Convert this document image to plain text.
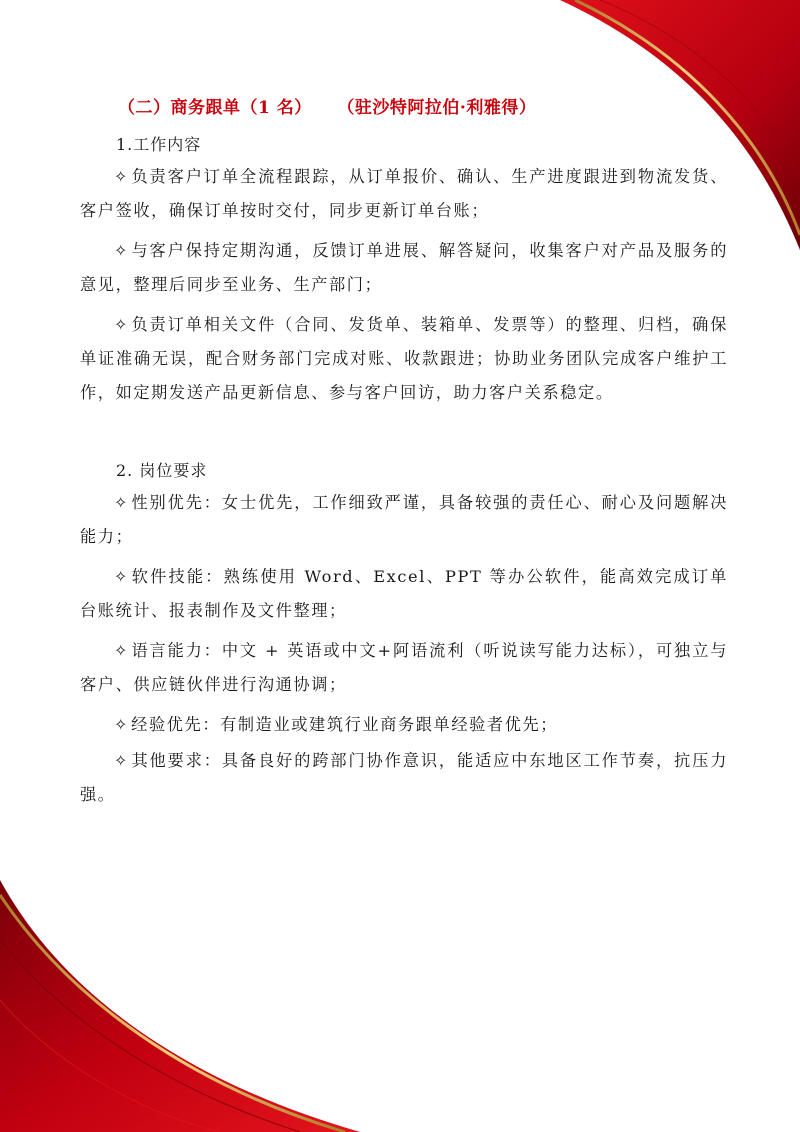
（二）商务跟单（1 名）    （驻沙特阿拉伯·利雅得）
1.工作内容

✧ 负责客户订单全流程跟踪，从订单报价、确认、生产进度跟进到物流发货、客户签收，确保订单按时交付，同步更新订单台账；

✧ 与客户保持定期沟通，反馈订单进展、解答疑问，收集客户对产品及服务的意见，整理后同步至业务、生产部门；

✧ 负责订单相关文件（合同、发货单、装箱单、发票等）的整理、归档，确保单证准确无误，配合财务部门完成对账、收款跟进；协助业务团队完成客户维护工作，如定期发送产品更新信息、参与客户回访，助力客户关系稳定。

2. 岗位要求

✧ 性别优先：女士优先，工作细致严谨，具备较强的责任心、耐心及问题解决能力；

✧ 软件技能：熟练使用 Word、Excel、PPT 等办公软件，能高效完成订单台账统计、报表制作及文件整理；

✧ 语言能力：中文 + 英语或中文+阿语流利（听说读写能力达标），可独立与客户、供应链伙伴进行沟通协调；

✧ 经验优先：有制造业或建筑行业商务跟单经验者优先；

✧ 其他要求：具备良好的跨部门协作意识，能适应中东地区工作节奏，抗压力强。
